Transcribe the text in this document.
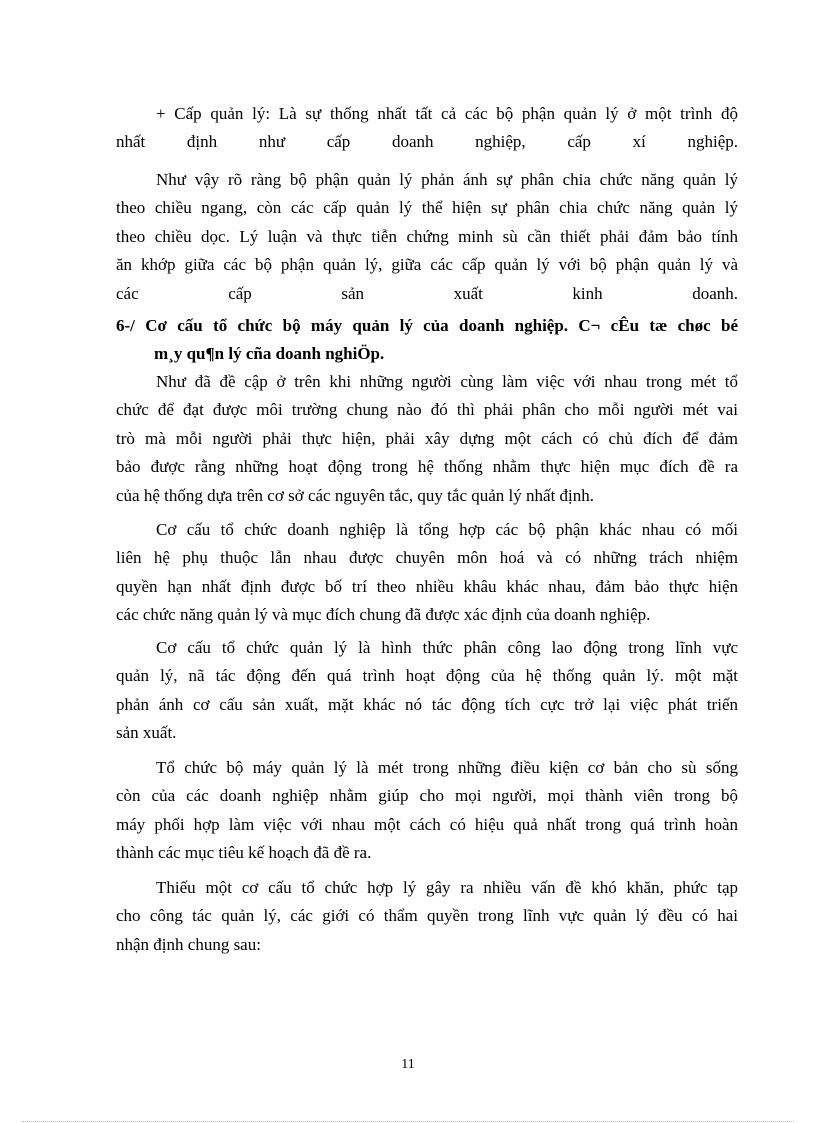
+ Cấp quản lý: Là sự thống nhất tất cả các bộ phận quản lý ở một trình độ
nhất định như cấp doanh nghiệp, cấp xí nghiệp.
Như vậy rõ ràng bộ phận quản lý phản ánh sự phân chia chức năng quản lý
theo chiều ngang, còn các cấp quản lý thể hiện sự phân chia chức năng quản lý
theo chiều dọc. Lý luận và thực tiễn chứng minh sù cần thiết phải đảm bảo tính
ăn khớp giữa các bộ phận quản lý, giữa các cấp quản lý với bộ phận quản lý và
các cấp sản xuất kinh doanh.
6-/ Cơ cấu tổ chức bộ máy quản lý của doanh nghiệp. C¬ cÊu tæ chøc bé
m¸y qu¶n lý cña doanh nghiÖp.
Như đã đề cập ở trên khi những người cùng làm việc với nhau trong mét tổ
chức để đạt được môi trường chung nào đó thì phải phân cho mỗi người mét vai
trò mà mỗi người phải thực hiện, phải xây dựng một cách có chủ đích để đảm
bảo được rằng những hoạt động trong hệ thống nhằm thực hiện mục đích đề ra
của hệ thống dựa trên cơ sở các nguyên tắc, quy tắc quản lý nhất định.
Cơ cấu tổ chức doanh nghiệp là tổng hợp các bộ phận khác nhau có mối
liên hệ phụ thuộc lẫn nhau được chuyên môn hoá và có những trách nhiệm
quyền hạn nhất định được bố trí theo nhiều khâu khác nhau, đảm bảo thực hiện
các chức năng quản lý và mục đích chung đã được xác định của doanh nghiệp.
Cơ cấu tổ chức quản lý là hình thức phân công lao động trong lĩnh vực
quản lý, nã tác động đến quá trình hoạt động của hệ thống quản lý. một mặt
phản ánh cơ cấu sản xuất, mặt khác nó tác động tích cực trở lại việc phát triển
sản xuất.
Tổ chức bộ máy quản lý là mét trong những điều kiện cơ bản cho sù sống
còn của các doanh nghiệp nhằm giúp cho mọi người, mọi thành viên trong bộ
máy phối hợp làm việc với nhau một cách có hiệu quả nhất trong quá trình hoàn
thành các mục tiêu kế hoạch đã đề ra.
Thiếu một cơ cấu tổ chức hợp lý gây ra nhiều vấn đề khó khăn, phức tạp
cho công tác quản lý, các giới có thẩm quyền trong lĩnh vực quản lý đều có hai
nhận định chung sau:
11
